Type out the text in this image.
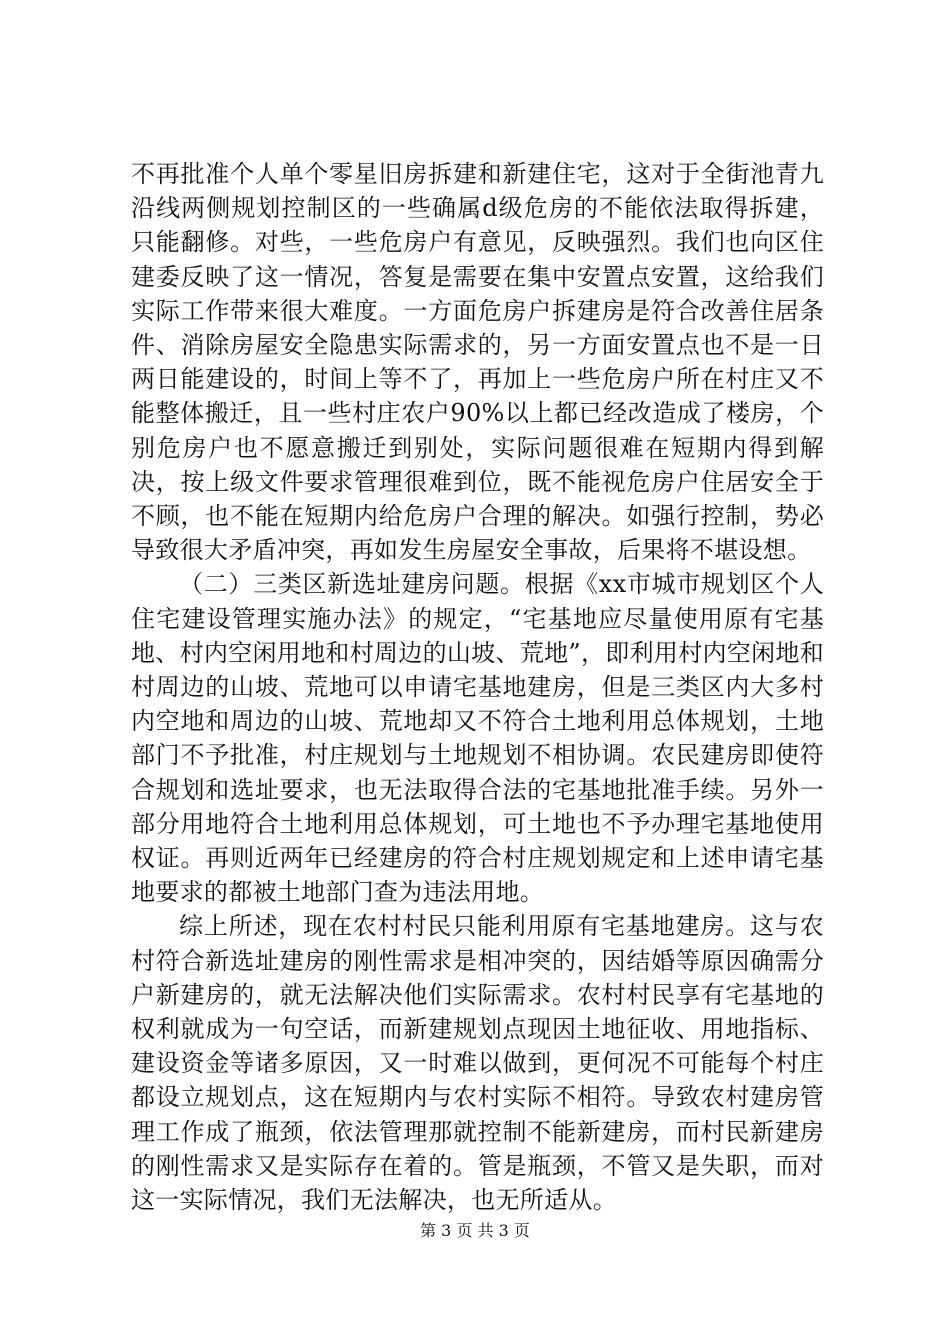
不再批准个人单个零星旧房拆建和新建住宅，这对于全街池青九沿线两侧规划控制区的一些确属d级危房的不能依法取得拆建，只能翻修。对些，一些危房户有意见，反映强烈。我们也向区住建委反映了这一情况，答复是需要在集中安置点安置，这给我们实际工作带来很大难度。一方面危房户拆建房是符合改善住居条件、消除房屋安全隐患实际需求的，另一方面安置点也不是一日两日能建设的，时间上等不了，再加上一些危房户所在村庄又不能整体搬迁，且一些村庄农户90%以上都已经改造成了楼房，个别危房户也不愿意搬迁到别处，实际问题很难在短期内得到解决，按上级文件要求管理很难到位，既不能视危房户住居安全于不顾，也不能在短期内给危房户合理的解决。如强行控制，势必导致很大矛盾冲突，再如发生房屋安全事故，后果将不堪设想。

（二）三类区新选址建房问题。根据《xx市城市规划区个人住宅建设管理实施办法》的规定，“宅基地应尽量使用原有宅基地、村内空闲用地和村周边的山坡、荒地”，即利用村内空闲地和村周边的山坡、荒地可以申请宅基地建房，但是三类区内大多村内空地和周边的山坡、荒地却又不符合土地利用总体规划，土地部门不予批准，村庄规划与土地规划不相协调。农民建房即使符合规划和选址要求，也无法取得合法的宅基地批准手续。另外一部分用地符合土地利用总体规划，可土地也不予办理宅基地使用权证。再则近两年已经建房的符合村庄规划规定和上述申请宅基地要求的都被土地部门查为违法用地。

综上所述，现在农村村民只能利用原有宅基地建房。这与农村符合新选址建房的刚性需求是相冲突的，因结婚等原因确需分户新建房的，就无法解决他们实际需求。农村村民享有宅基地的权利就成为一句空话，而新建规划点现因土地征收、用地指标、建设资金等诸多原因，又一时难以做到，更何况不可能每个村庄都设立规划点，这在短期内与农村实际不相符。导致农村建房管理工作成了瓶颈，依法管理那就控制不能新建房，而村民新建房的刚性需求又是实际存在着的。管是瓶颈，不管又是失职，而对这一实际情况，我们无法解决，也无所适从。

第 3 页 共 3 页
